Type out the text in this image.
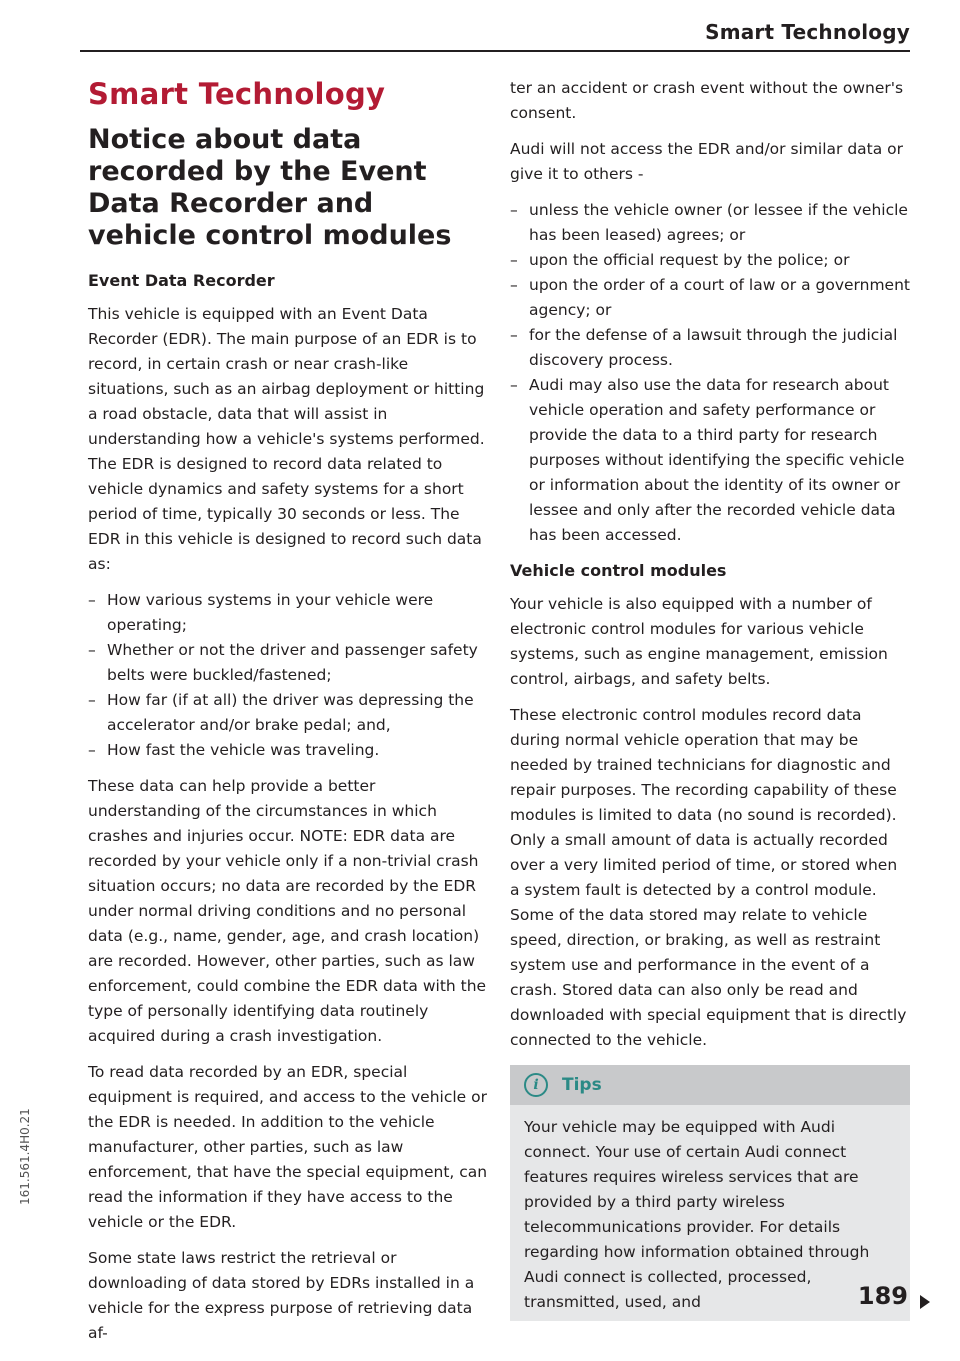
Smart Technology
161.561.4H0.21
Smart Technology
Notice about data recorded by the Event Data Recorder and vehicle control modules
Event Data Recorder

This vehicle is equipped with an Event Data Recorder (EDR). The main purpose of an EDR is to record, in certain crash or near crash-like situations, such as an airbag deployment or hitting a road obstacle, data that will assist in understanding how a vehicle's systems performed. The EDR is designed to record data related to vehicle dynamics and safety systems for a short period of time, typically 30 seconds or less. The EDR in this vehicle is designed to record such data as:

– How various systems in your vehicle were operating;
– Whether or not the driver and passenger safety belts were buckled/fastened;
– How far (if at all) the driver was depressing the accelerator and/or brake pedal; and,
– How fast the vehicle was traveling.

These data can help provide a better understanding of the circumstances in which crashes and injuries occur. NOTE: EDR data are recorded by your vehicle only if a non-trivial crash situation occurs; no data are recorded by the EDR under normal driving conditions and no personal data (e.g., name, gender, age, and crash location) are recorded. However, other parties, such as law enforcement, could combine the EDR data with the type of personally identifying data routinely acquired during a crash investigation.

To read data recorded by an EDR, special equipment is required, and access to the vehicle or the EDR is needed. In addition to the vehicle manufacturer, other parties, such as law enforcement, that have the special equipment, can read the information if they have access to the vehicle or the EDR.

Some state laws restrict the retrieval or downloading of data stored by EDRs installed in a vehicle for the express purpose of retrieving data af-

ter an accident or crash event without the owner's consent.

Audi will not access the EDR and/or similar data or give it to others -

– unless the vehicle owner (or lessee if the vehicle has been leased) agrees; or
– upon the official request by the police; or
– upon the order of a court of law or a government agency; or
– for the defense of a lawsuit through the judicial discovery process.
– Audi may also use the data for research about vehicle operation and safety performance or provide the data to a third party for research purposes without identifying the specific vehicle or information about the identity of its owner or lessee and only after the recorded vehicle data has been accessed.
Vehicle control modules

Your vehicle is also equipped with a number of electronic control modules for various vehicle systems, such as engine management, emission control, airbags, and safety belts.

These electronic control modules record data during normal vehicle operation that may be needed by trained technicians for diagnostic and repair purposes. The recording capability of these modules is limited to data (no sound is recorded). Only a small amount of data is actually recorded over a very limited period of time, or stored when a system fault is detected by a control module. Some of the data stored may relate to vehicle speed, direction, or braking, as well as restraint system use and performance in the event of a crash. Stored data can also only be read and downloaded with special equipment that is directly connected to the vehicle.

i	Tips

Your vehicle may be equipped with Audi connect. Your use of certain Audi connect features requires wireless services that are provided by a third party wireless telecommunications provider. For details regarding how information obtained through Audi connect is collected, processed, transmitted, used, and	189
